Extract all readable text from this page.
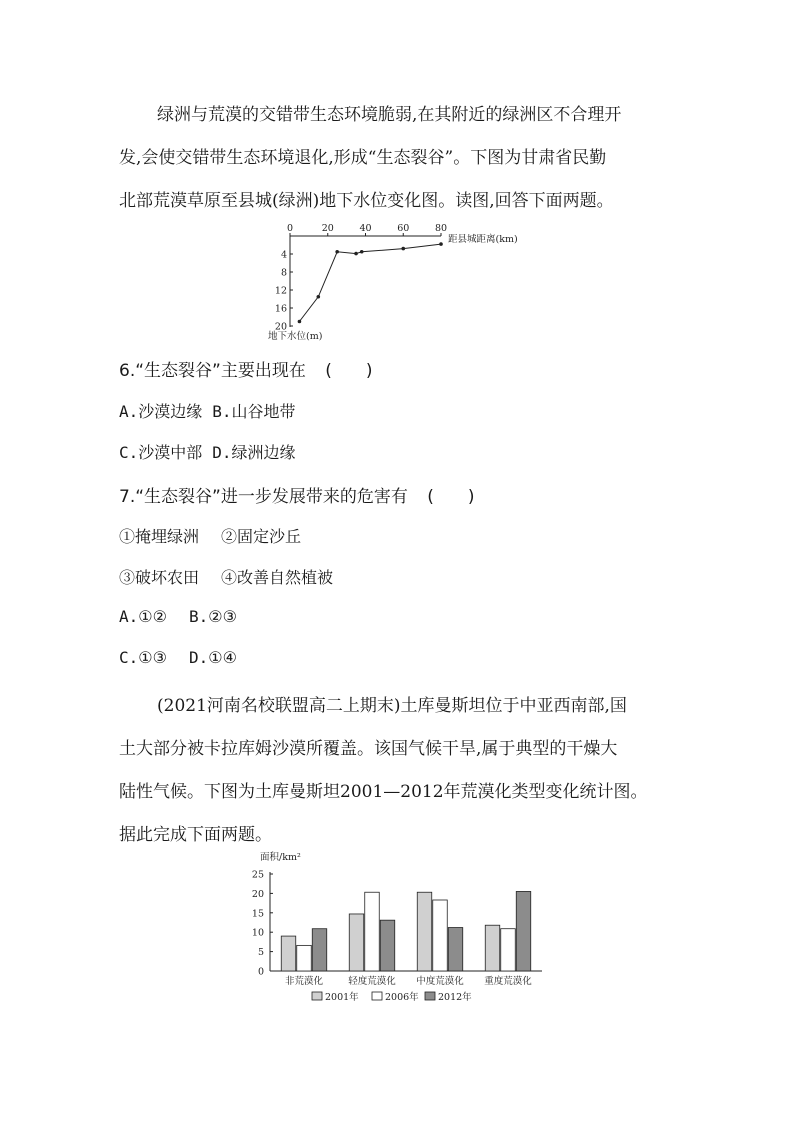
绿洲与荒漠的交错带生态环境脆弱,在其附近的绿洲区不合理开
发,会使交错带生态环境退化,形成“生态裂谷”。下图为甘肃省民勤
北部荒漠草原至县城(绿洲)地下水位变化图。读图,回答下面两题。
0	20	40	60	80
4
8
12
16
20
距县城距离(km)
地下水位(m)
6.“生态裂谷”主要出现在 (　　)
A.沙漠边缘 B.山谷地带
C.沙漠中部 D.绿洲边缘
7.“生态裂谷”进一步发展带来的危害有 (　　)
①掩埋绿洲 ②固定沙丘
③破坏农田 ④改善自然植被
A.①② B.②③
C.①③ D.①④
(2021河南名校联盟高二上期末)土库曼斯坦位于中亚西南部,国
土大部分被卡拉库姆沙漠所覆盖。该国气候干旱,属于典型的干燥大
陆性气候。下图为土库曼斯坦2001—2012年荒漠化类型变化统计图。
据此完成下面两题。
面积/km²
0
5
10
15
20
25
非荒漠化	轻度荒漠化 中度荒漠化 重度荒漠化
2001年	2006年 2012年
